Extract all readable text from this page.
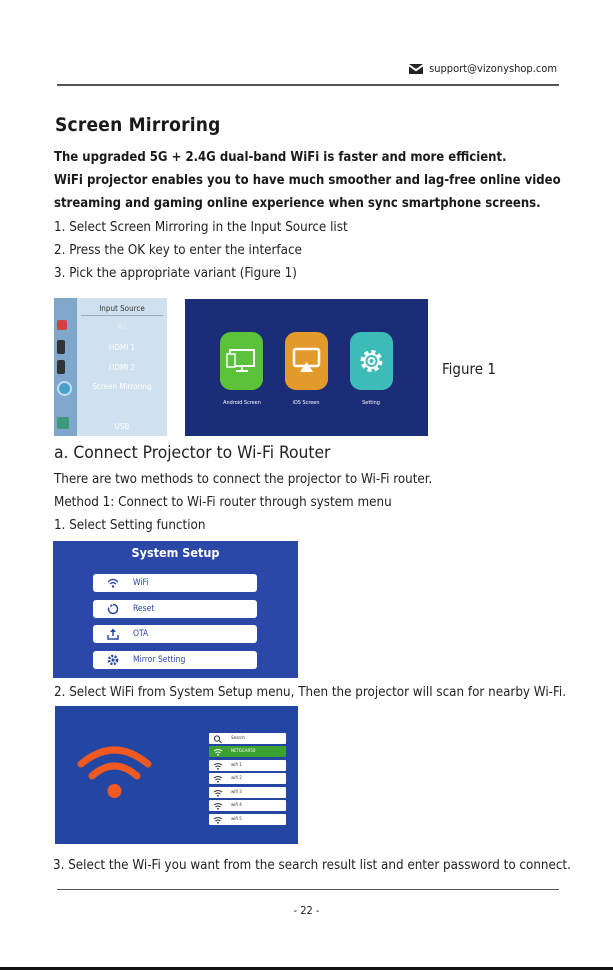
support@vizonyshop.com
Screen Mirroring
The upgraded 5G + 2.4G dual-band WiFi is faster and more efficient.
WiFi projector enables you to have much smoother and lag-free online video
streaming and gaming online experience when sync smartphone screens.
1. Select Screen Mirroring in the Input Source list
2. Press the OK key to enter the interface
3. Pick the appropriate variant (Figure 1)
Input Source
AV
HDMI 1
HDMI 2
Screen Mirroring
USB
Android Screen	iOS Screen	Setting
Figure 1
a. Connect Projector to Wi-Fi Router
There are two methods to connect the projector to Wi-Fi router.
Method 1: Connect to Wi-Fi router through system menu
1. Select Setting function
System Setup
WiFi
Reset
OTA
Mirror Setting
2. Select WiFi from System Setup menu, Then the projector will scan for nearby Wi-Fi.
Search
NETGEAR50
wifi 1
wifi 2
wifi 3
wifi 4
wifi 5
3. Select the Wi-Fi you want from the search result list and enter password to connect.
- 22 -
